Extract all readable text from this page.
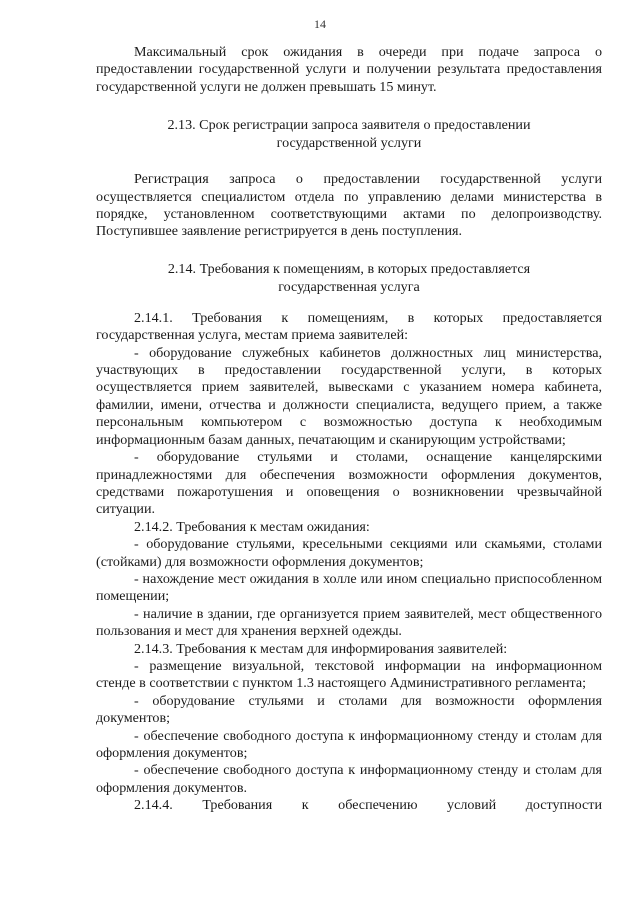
14

Максимальный срок ожидания в очереди при подаче запроса о предоставлении государственной услуги и получении результата предоставления государственной услуги не должен превышать 15 минут.

2.13. Срок регистрации запроса заявителя о предоставлении государственной услуги

Регистрация запроса о предоставлении государственной услуги осуществляется специалистом отдела по управлению делами министерства в порядке, установленном соответствующими актами по делопроизводству. Поступившее заявление регистрируется в день поступления.

2.14. Требования к помещениям, в которых предоставляется государственная услуга

2.14.1. Требования к помещениям, в которых предоставляется государственная услуга, местам приема заявителей:

- оборудование служебных кабинетов должностных лиц министерства, участвующих в предоставлении государственной услуги, в которых осуществляется прием заявителей, вывесками с указанием номера кабинета, фамилии, имени, отчества и должности специалиста, ведущего прием, а также персональным компьютером с возможностью доступа к необходимым информационным базам данных, печатающим и сканирующим устройствами;

- оборудование стульями и столами, оснащение канцелярскими принадлежностями для обеспечения возможности оформления документов, средствами пожаротушения и оповещения о возникновении чрезвычайной ситуации.

2.14.2. Требования к местам ожидания:

- оборудование стульями, кресельными секциями или скамьями, столами (стойками) для возможности оформления документов;

- нахождение мест ожидания в холле или ином специально приспособленном помещении;

- наличие в здании, где организуется прием заявителей, мест общественного пользования и мест для хранения верхней одежды.

2.14.3. Требования к местам для информирования заявителей:

- размещение визуальной, текстовой информации на информационном стенде в соответствии с пунктом 1.3 настоящего Административного регламента;

- оборудование стульями и столами для возможности оформления документов;

- обеспечение свободного доступа к информационному стенду и столам для оформления документов;

- обеспечение свободного доступа к информационному стенду и столам для оформления документов.

2.14.4. Требования к обеспечению условий доступности
